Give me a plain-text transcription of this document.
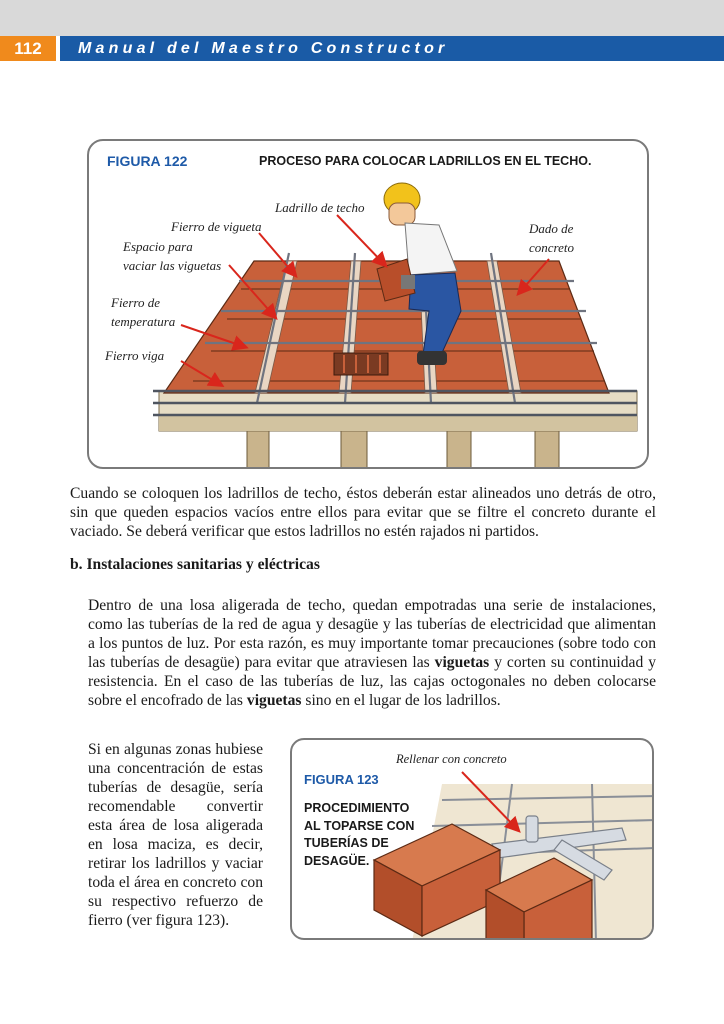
112	Manual del Maestro Constructor
FIGURA 122	PROCESO PARA COLOCAR LADRILLOS EN EL TECHO.
Ladrillo de techo
Fierro de vigueta
Espacio para
vaciar las viguetas
Fierro de
temperatura
Fierro viga
Dado de
concreto
Cuando se coloquen los ladrillos de techo, éstos deberán estar alineados uno detrás de otro, sin que queden espacios vacíos entre ellos para evitar que se filtre el concreto durante el vaciado. Se deberá verificar que estos ladrillos no estén rajados ni partidos.
b. Instalaciones sanitarias y eléctricas
Dentro de una losa aligerada de techo, quedan empotradas una serie de instalaciones, como las tuberías de la red de agua y desagüe y las tuberías de electricidad que alimentan a los puntos de luz. Por esta razón, es muy importante tomar precauciones (sobre todo con las tuberías de desagüe) para evitar que atraviesen las viguetas y corten su continuidad y resistencia. En el caso de las tuberías de luz, las cajas octogonales no deben colocarse sobre el encofrado de las viguetas sino en el lugar de los ladrillos.
Si en algunas zonas hubiese una concentración de estas tuberías de desagüe, sería recomendable convertir esta área de losa aligerada en losa maciza, es decir, retirar los ladrillos y vaciar toda el área en concreto con su respectivo refuerzo de fierro (ver figura 123).
Rellenar con concreto
FIGURA 123
PROCEDIMIENTO
AL TOPARSE CON
TUBERÍAS DE
DESAGÜE.
